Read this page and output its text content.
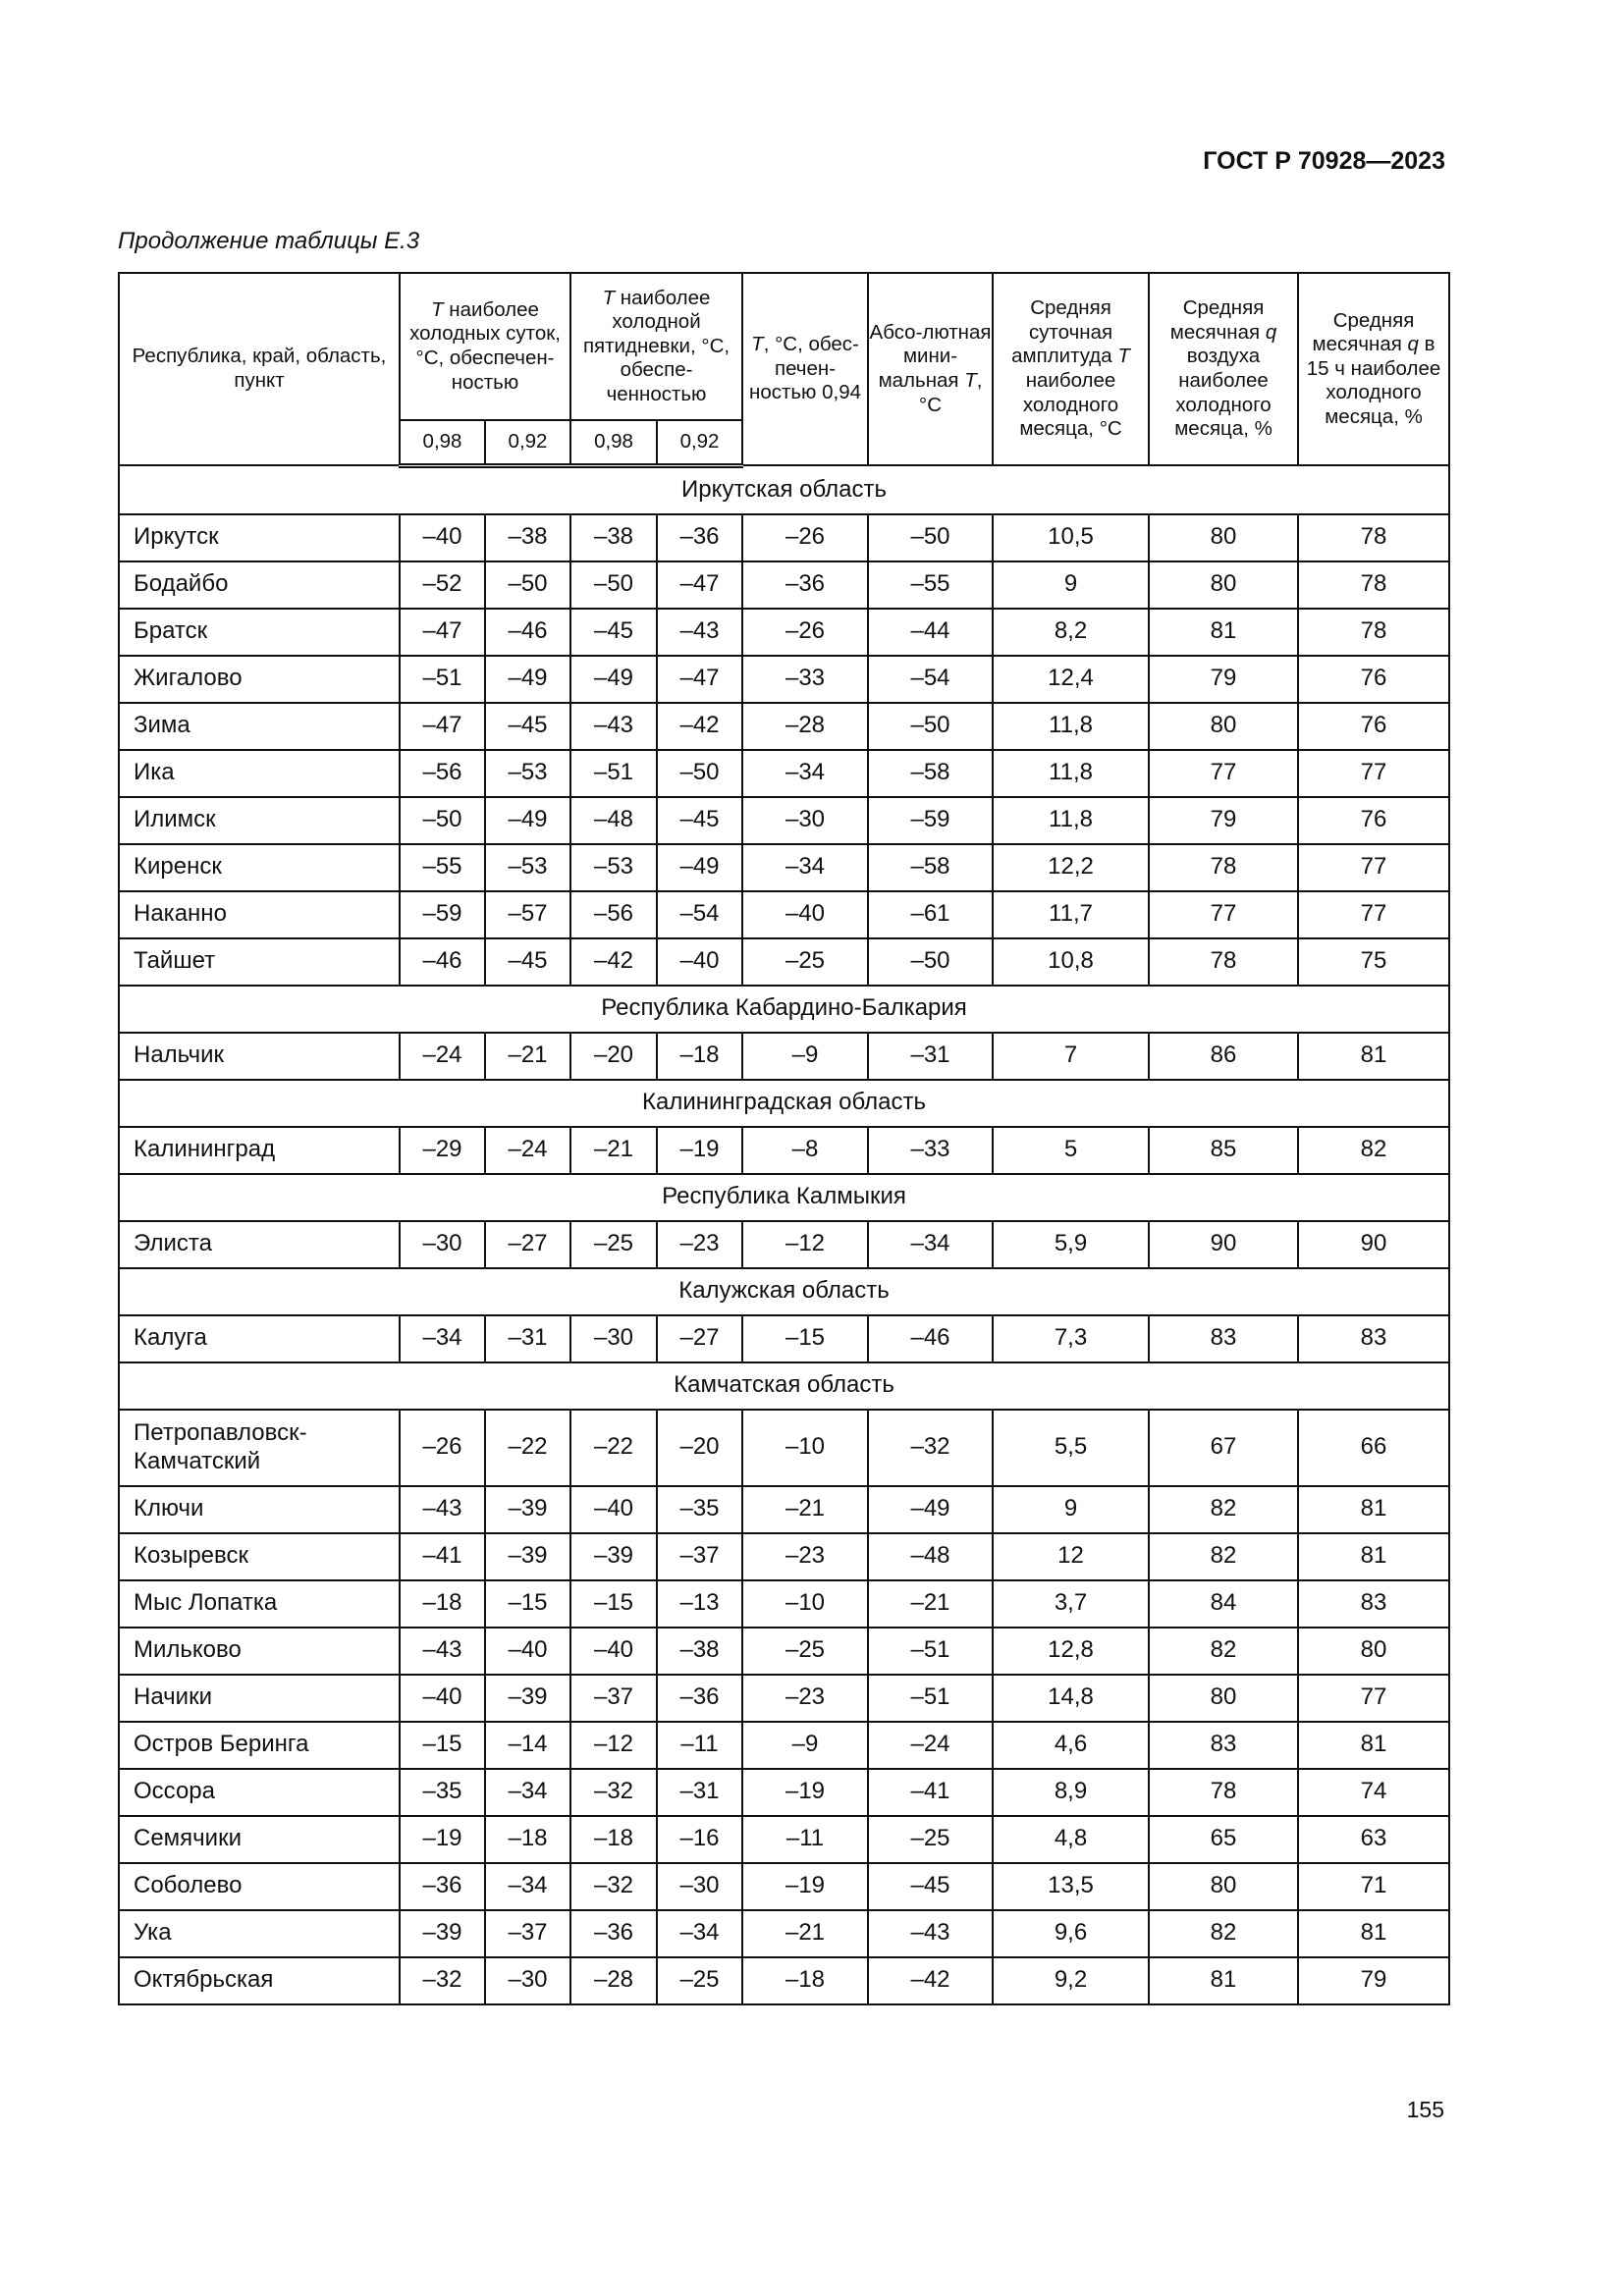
ГОСТ Р 70928—2023
Продолжение таблицы Е.3
Республика, край, область, пункт	T наиболее холодных суток, °С, обеспечен-ностью		T наиболее холодной пятидневки, °С, обеспе-ченностью		T, °С, обес-печен-ностью 0,94	Абсо-лютная мини-мальная T, °С	Средняя суточная амплитуда T наиболее холодного месяца, °С	Средняя месячная q воздуха наиболее холодного месяца, %	Средняя месячная q в 15 ч наиболее холодного месяца, %
	0,98	0,92	0,98	0,92					
Иркутская область									
Иркутск	–40	–38	–38	–36	–26	–50	10,5	80	78
Бодайбо	–52	–50	–50	–47	–36	–55	9	80	78
Братск	–47	–46	–45	–43	–26	–44	8,2	81	78
Жигалово	–51	–49	–49	–47	–33	–54	12,4	79	76
Зима	–47	–45	–43	–42	–28	–50	11,8	80	76
Ика	–56	–53	–51	–50	–34	–58	11,8	77	77
Илимск	–50	–49	–48	–45	–30	–59	11,8	79	76
Киренск	–55	–53	–53	–49	–34	–58	12,2	78	77
Наканно	–59	–57	–56	–54	–40	–61	11,7	77	77
Тайшет	–46	–45	–42	–40	–25	–50	10,8	78	75
Республика Кабардино-Балкария									
Нальчик	–24	–21	–20	–18	–9	–31	7	86	81
Калининградская область									
Калининград	–29	–24	–21	–19	–8	–33	5	85	82
Республика Калмыкия									
Элиста	–30	–27	–25	–23	–12	–34	5,9	90	90
Калужская область									
Калуга	–34	–31	–30	–27	–15	–46	7,3	83	83
Камчатская область									
Петропавловск-
Камчатский	–26	–22	–22	–20	–10	–32	5,5	67	66
Ключи	–43	–39	–40	–35	–21	–49	9	82	81
Козыревск	–41	–39	–39	–37	–23	–48	12	82	81
Мыс Лопатка	–18	–15	–15	–13	–10	–21	3,7	84	83
Мильково	–43	–40	–40	–38	–25	–51	12,8	82	80
Начики	–40	–39	–37	–36	–23	–51	14,8	80	77
Остров Беринга	–15	–14	–12	–11	–9	–24	4,6	83	81
Оссора	–35	–34	–32	–31	–19	–41	8,9	78	74
Семячики	–19	–18	–18	–16	–11	–25	4,8	65	63
Соболево	–36	–34	–32	–30	–19	–45	13,5	80	71
Ука	–39	–37	–36	–34	–21	–43	9,6	82	81
Октябрьская	–32	–30	–28	–25	–18	–42	9,2	81	79
155
